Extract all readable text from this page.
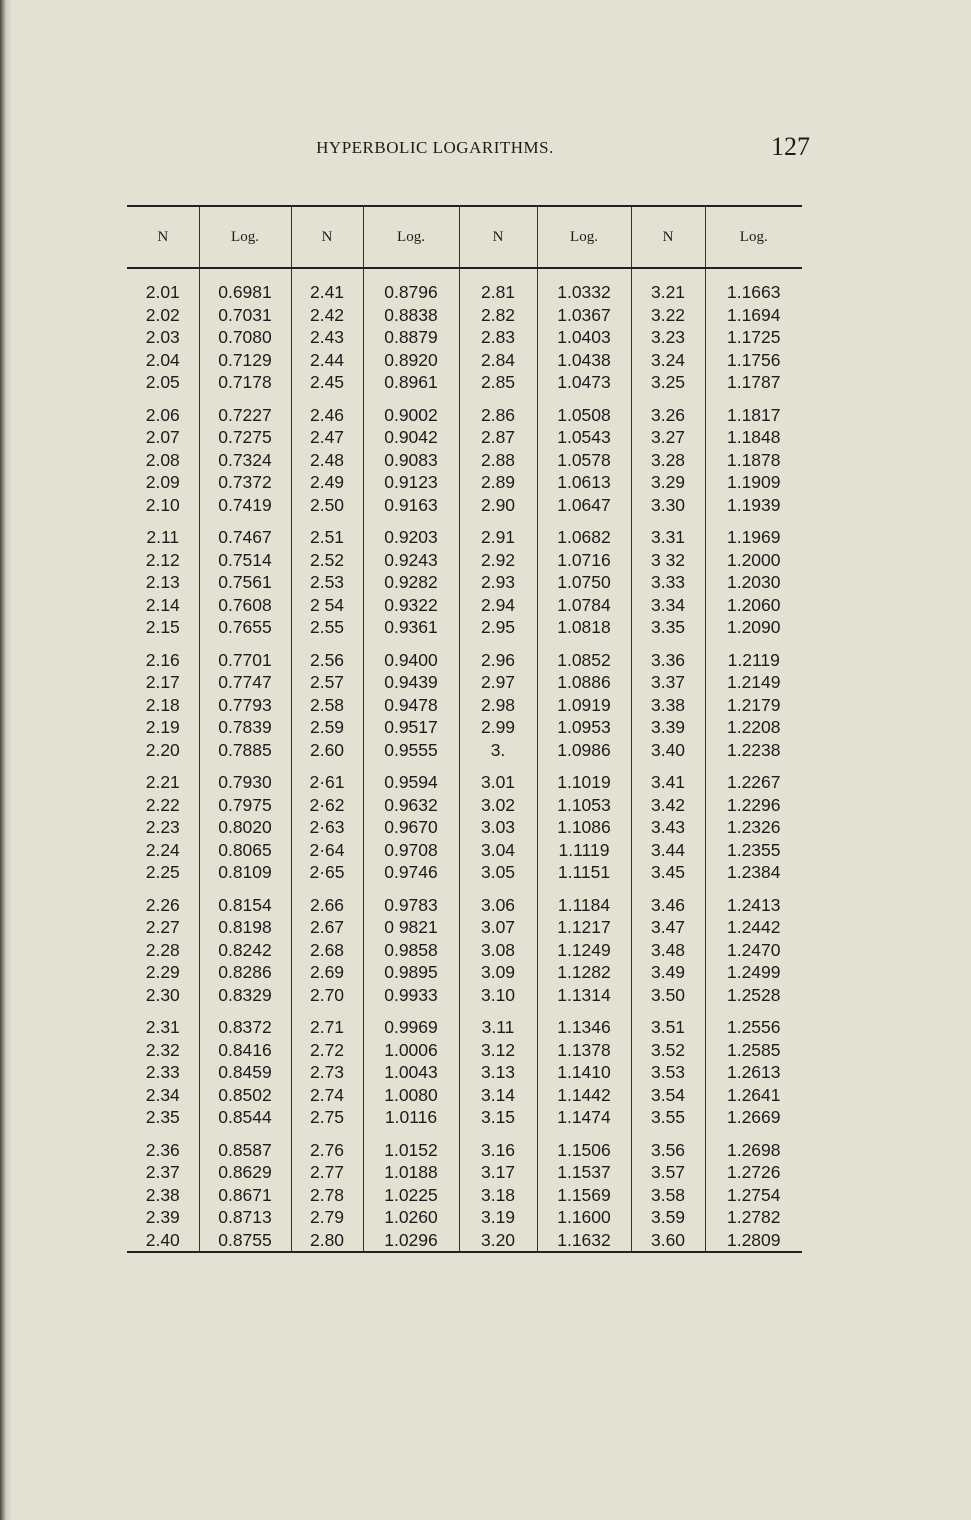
HYPERBOLIC LOGARITHMS.	127
N	Log.	N	Log.	N	Log.	N	Log.

2.01	0.6981	2.41	0.8796	2.81	1.0332	3.21	1.1663
2.02	0.7031	2.42	0.8838	2.82	1.0367	3.22	1.1694
2.03	0.7080	2.43	0.8879	2.83	1.0403	3.23	1.1725
2.04	0.7129	2.44	0.8920	2.84	1.0438	3.24	1.1756
2.05	0.7178	2.45	0.8961	2.85	1.0473	3.25	1.1787
2.06	0.7227	2.46	0.9002	2.86	1.0508	3.26	1.1817
2.07	0.7275	2.47	0.9042	2.87	1.0543	3.27	1.1848
2.08	0.7324	2.48	0.9083	2.88	1.0578	3.28	1.1878
2.09	0.7372	2.49	0.9123	2.89	1.0613	3.29	1.1909
2.10	0.7419	2.50	0.9163	2.90	1.0647	3.30	1.1939
2.11	0.7467	2.51	0.9203	2.91	1.0682	3.31	1.1969
2.12	0.7514	2.52	0.9243	2.92	1.0716	3 32	1.2000
2.13	0.7561	2.53	0.9282	2.93	1.0750	3.33	1.2030
2.14	0.7608	2 54	0.9322	2.94	1.0784	3.34	1.2060
2.15	0.7655	2.55	0.9361	2.95	1.0818	3.35	1.2090
2.16	0.7701	2.56	0.9400	2.96	1.0852	3.36	1.2119
2.17	0.7747	2.57	0.9439	2.97	1.0886	3.37	1.2149
2.18	0.7793	2.58	0.9478	2.98	1.0919	3.38	1.2179
2.19	0.7839	2.59	0.9517	2.99	1.0953	3.39	1.2208
2.20	0.7885	2.60	0.9555	3.	1.0986	3.40	1.2238
2.21	0.7930	2·61	0.9594	3.01	1.1019	3.41	1.2267
2.22	0.7975	2·62	0.9632	3.02	1.1053	3.42	1.2296
2.23	0.8020	2·63	0.9670	3.03	1.1086	3.43	1.2326
2.24	0.8065	2·64	0.9708	3.04	1.1119	3.44	1.2355
2.25	0.8109	2·65	0.9746	3.05	1.1151	3.45	1.2384
2.26	0.8154	2.66	0.9783	3.06	1.1184	3.46	1.2413
2.27	0.8198	2.67	0 9821	3.07	1.1217	3.47	1.2442
2.28	0.8242	2.68	0.9858	3.08	1.1249	3.48	1.2470
2.29	0.8286	2.69	0.9895	3.09	1.1282	3.49	1.2499
2.30	0.8329	2.70	0.9933	3.10	1.1314	3.50	1.2528
2.31	0.8372	2.71	0.9969	3.11	1.1346	3.51	1.2556
2.32	0.8416	2.72	1.0006	3.12	1.1378	3.52	1.2585
2.33	0.8459	2.73	1.0043	3.13	1.1410	3.53	1.2613
2.34	0.8502	2.74	1.0080	3.14	1.1442	3.54	1.2641
2.35	0.8544	2.75	1.0116	3.15	1.1474	3.55	1.2669
2.36	0.8587	2.76	1.0152	3.16	1.1506	3.56	1.2698
2.37	0.8629	2.77	1.0188	3.17	1.1537	3.57	1.2726
2.38	0.8671	2.78	1.0225	3.18	1.1569	3.58	1.2754
2.39	0.8713	2.79	1.0260	3.19	1.1600	3.59	1.2782
2.40	0.8755	2.80	1.0296	3.20	1.1632	3.60	1.2809
